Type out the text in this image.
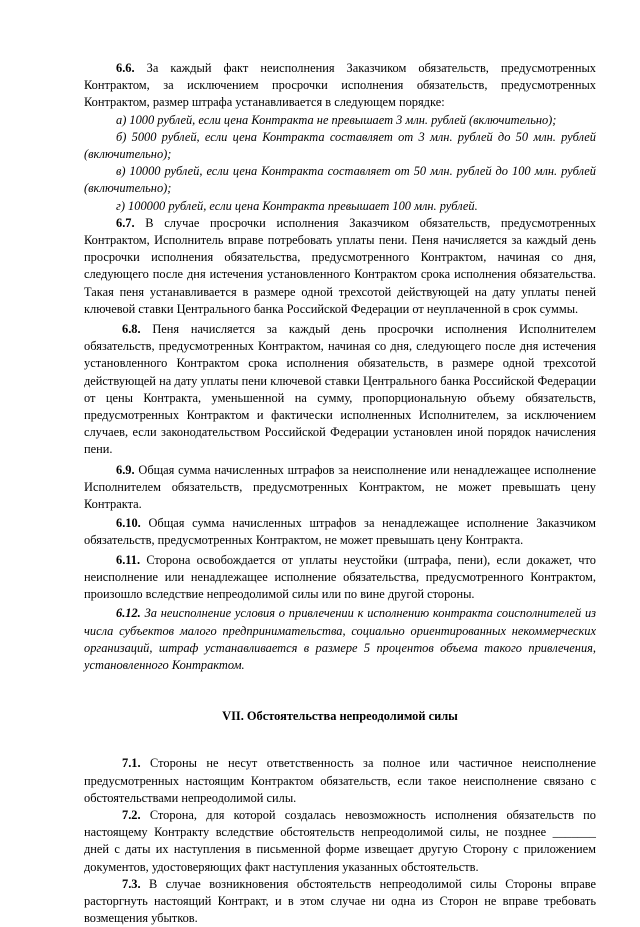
6.6. За каждый факт неисполнения Заказчиком обязательств, предусмотренных Контрактом, за исключением просрочки исполнения обязательств, предусмотренных Контрактом, размер штрафа устанавливается в следующем порядке:

а) 1000 рублей, если цена Контракта не превышает 3 млн. рублей (включительно);

б) 5000 рублей, если цена Контракта составляет от 3 млн. рублей до 50 млн. рублей (включительно);

в) 10000 рублей, если цена Контракта составляет от 50 млн. рублей до 100 млн. рублей (включительно);

г) 100000 рублей, если цена Контракта превышает 100 млн. рублей.

6.7. В случае просрочки исполнения Заказчиком обязательств, предусмотренных Контрактом, Исполнитель вправе потребовать уплаты пени. Пеня начисляется за каждый день просрочки исполнения обязательства, предусмотренного Контрактом, начиная со дня, следующего после дня истечения установленного Контрактом срока исполнения обязательства. Такая пеня устанавливается в размере одной трехсотой действующей на дату уплаты пеней ключевой ставки Центрального банка Российской Федерации от неуплаченной в срок суммы.

6.8. Пеня начисляется за каждый день просрочки исполнения Исполнителем обязательств, предусмотренных Контрактом, начиная со дня, следующего после дня истечения установленного Контрактом срока исполнения обязательств, в размере одной трехсотой действующей на дату уплаты пени ключевой ставки Центрального банка Российской Федерации от цены Контракта, уменьшенной на сумму, пропорциональную объему обязательств, предусмотренных Контрактом и фактически исполненных Исполнителем, за исключением случаев, если законодательством Российской Федерации установлен иной порядок начисления пени.

6.9. Общая сумма начисленных штрафов за неисполнение или ненадлежащее исполнение Исполнителем обязательств, предусмотренных Контрактом, не может превышать цену Контракта.

6.10. Общая сумма начисленных штрафов за ненадлежащее исполнение Заказчиком обязательств, предусмотренных Контрактом, не может превышать цену Контракта.

6.11. Сторона освобождается от уплаты неустойки (штрафа, пени), если докажет, что неисполнение или ненадлежащее исполнение обязательства, предусмотренного Контрактом, произошло вследствие непреодолимой силы или по вине другой стороны.

6.12. За неисполнение условия о привлечении к исполнению контракта соисполнителей из числа субъектов малого предпринимательства, социально ориентированных некоммерческих организаций, штраф устанавливается в размере 5 процентов объема такого привлечения, установленного Контрактом.

VII. Обстоятельства непреодолимой силы

7.1. Стороны не несут ответственность за полное или частичное неисполнение предусмотренных настоящим Контрактом обязательств, если такое неисполнение связано с обстоятельствами непреодолимой силы.

7.2. Сторона, для которой создалась невозможность исполнения обязательств по настоящему Контракту вследствие обстоятельств непреодолимой силы, не позднее _______ дней с даты их наступления в письменной форме извещает другую Сторону с приложением документов, удостоверяющих факт наступления указанных обстоятельств.

7.3. В случае возникновения обстоятельств непреодолимой силы Стороны вправе расторгнуть настоящий Контракт, и в этом случае ни одна из Сторон не вправе требовать возмещения убытков.
